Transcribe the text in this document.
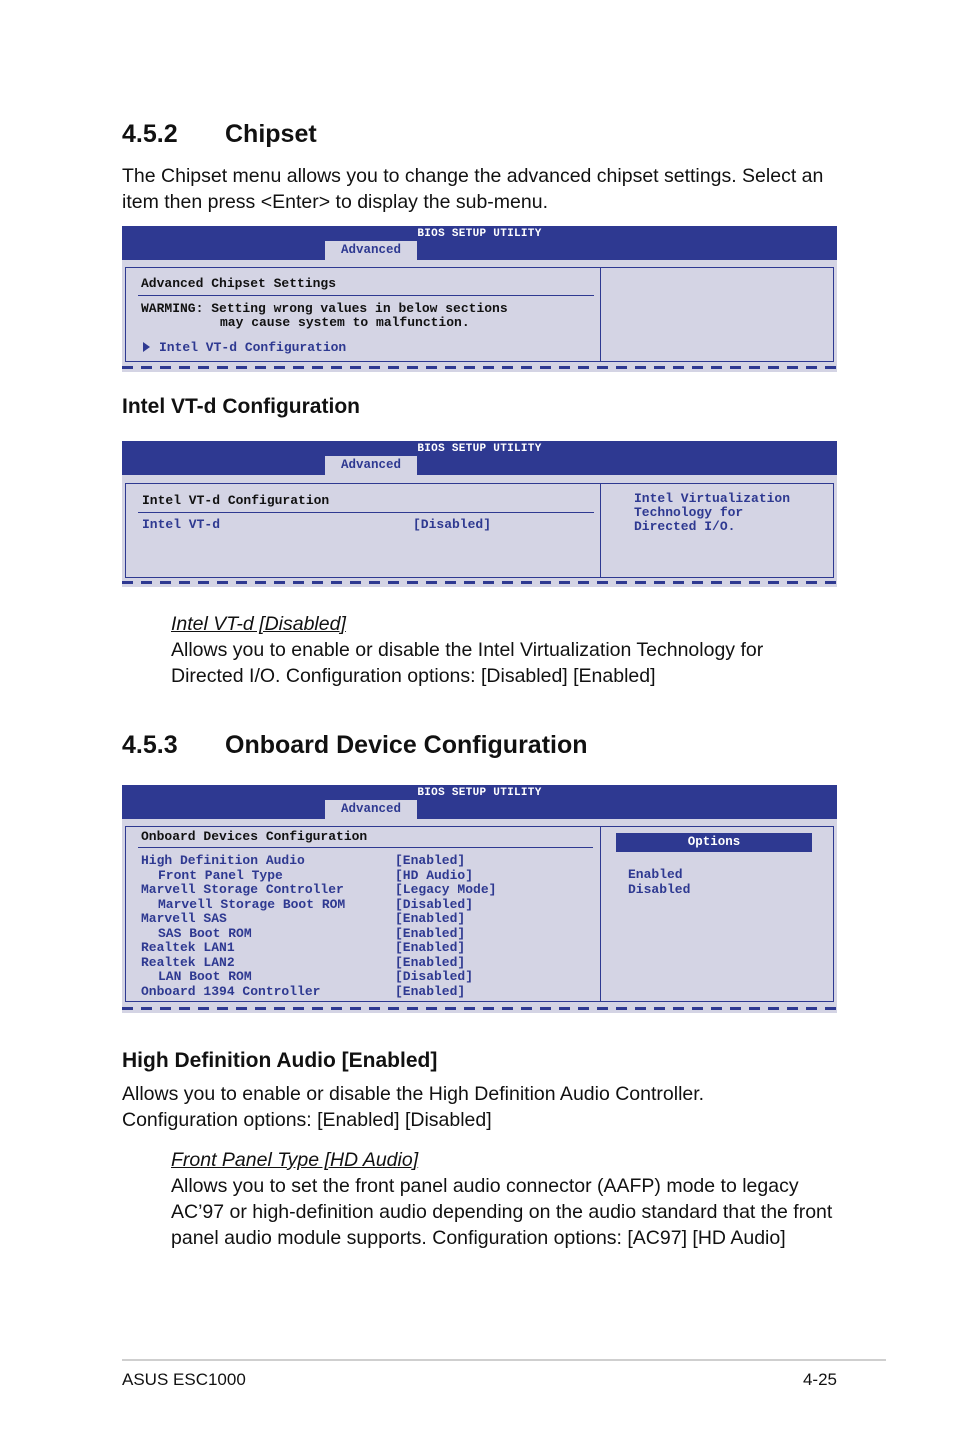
4.5.2 Chipset
The Chipset menu allows you to change the advanced chipset settings. Select an
item then press <Enter> to display the sub-menu.
BIOS SETUP UTILITY
Advanced
Advanced Chipset Settings
WARMING: Setting wrong values in below sections
may cause system to malfunction.
Intel VT-d Configuration
Intel VT-d Configuration
BIOS SETUP UTILITY
Advanced
Intel VT-d Configuration
Intel VT-d	[Disabled]
Intel Virtualization
Technology for
Directed I/O.
Intel VT-d [Disabled]
Allows you to enable or disable the Intel Virtualization Technology for
Directed I/O. Configuration options: [Disabled] [Enabled]
4.5.3 Onboard Device Configuration
BIOS SETUP UTILITY
Advanced
Onboard Devices Configuration
High Definition Audio	[Enabled]
Front Panel Type	[HD Audio]
Marvell Storage Controller	[Legacy Mode]
Marvell Storage Boot ROM	[Disabled]
Marvell SAS	[Enabled]
SAS Boot ROM	[Enabled]
Realtek LAN1	[Enabled]
Realtek LAN2	[Enabled]
LAN Boot ROM	[Disabled]
Onboard 1394 Controller	[Enabled]
Options
Enabled
Disabled
High Definition Audio [Enabled]
Allows you to enable or disable the High Definition Audio Controller.
Configuration options: [Enabled] [Disabled]
Front Panel Type [HD Audio]
Allows you to set the front panel audio connector (AAFP) mode to legacy
AC’97 or high-definition audio depending on the audio standard that the front
panel audio module supports. Configuration options: [AC97] [HD Audio]
ASUS ESC1000	4-25
